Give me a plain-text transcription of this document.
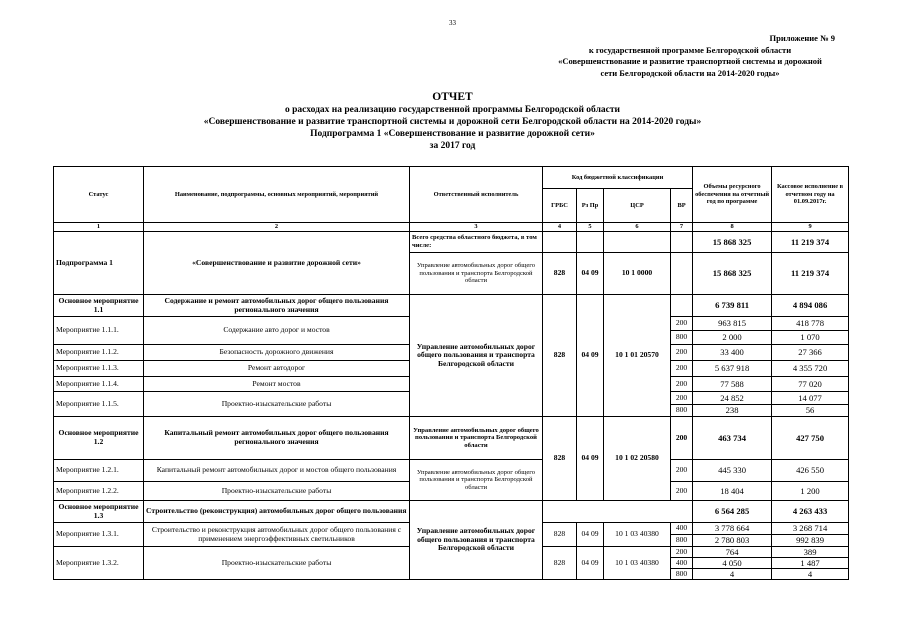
33
Приложение № 9
к государственной программе Белгородской области
«Совершенствование и развитие транспортной системы и дорожной
сети Белгородской области на 2014-2020 годы»
ОТЧЕТ
о расходах на реализацию государственной программы Белгородской области
«Совершенствование и развитие транспортной системы и дорожной сети Белгородской области на 2014-2020 годы»
Подпрограмма 1 «Совершенствование и развитие дорожной сети»
за 2017 год
Статус	Наименование, подпрограммы, основных мероприятий, мероприятий	Ответственный исполнитель	Код бюджетной классификации				Объемы ресурсного обеспечения на отчетный год по программе	Кассовое исполнение в отчетном году на 01.09.2017г.
			ГРБС	Рз Пр	ЦСР	ВР		
1	2	3	4	5	6	7	8	9
Подпрограмма 1	«Совершенствование и развитие дорожной сети»	Всего средства областного бюджета, в том числе:					15 868 325	11 219 374
		Управление автомобильных дорог общего пользования и транспорта Белгородской области	828	04 09	10 1 0000		15 868 325	11 219 374
Основное мероприятие 1.1	Содержание и ремонт автомобильных дорог общего пользования регионального значения	Управление автомобильных дорог общего пользования и транспорта Белгородской области	828	04 09	10 1 01 20570		6 739 811	4 894 086
Мероприятие 1.1.1.	Содержание авто дорог и мостов					200	963 815	418 778
						800	2 000	1 070
Мероприятие 1.1.2.	Безопасность дорожного движения					200	33 400	27 366
Мероприятие 1.1.3.	Ремонт автодорог					200	5 637 918	4 355 720
Мероприятие 1.1.4.	Ремонт мостов					200	77 588	77 020
Мероприятие 1.1.5.	Проектно-изыскательские работы					200	24 852	14 077
						800	238	56
Основное мероприятие 1.2	Капитальный ремонт автомобильных дорог общего пользования регионального значения	Управление автомобильных дорог общего пользования и транспорта Белгородской области	828	04 09	10 1 02 20580	200	463 734	427 750
Мероприятие 1.2.1.	Капитальный ремонт автомобильных дорог и мостов общего пользования	Управление автомобильных дорог общего пользования и транспорта Белгородской области				200	445 330	426 550
Мероприятие 1.2.2.	Проектно-изыскательские работы					200	18 404	1 200
Основное мероприятие 1.3	Строительство (реконструкция) автомобильных дорог общего пользования	Управление автомобильных дорог общего пользования и транспорта Белгородской области					6 564 285	4 263 433
Мероприятие 1.3.1.	Строительство и реконструкция автомобильных дорог общего пользования с применением энергоэффективных светильников		828	04 09	10 1 03 40380	400	3 778 664	3 268 714
						800	2 780 803	992 839
Мероприятие 1.3.2.	Проектно-изыскательские работы		828	04 09	10 1 03 40380	200	764	389
						400	4 050	1 487
						800	4	4
